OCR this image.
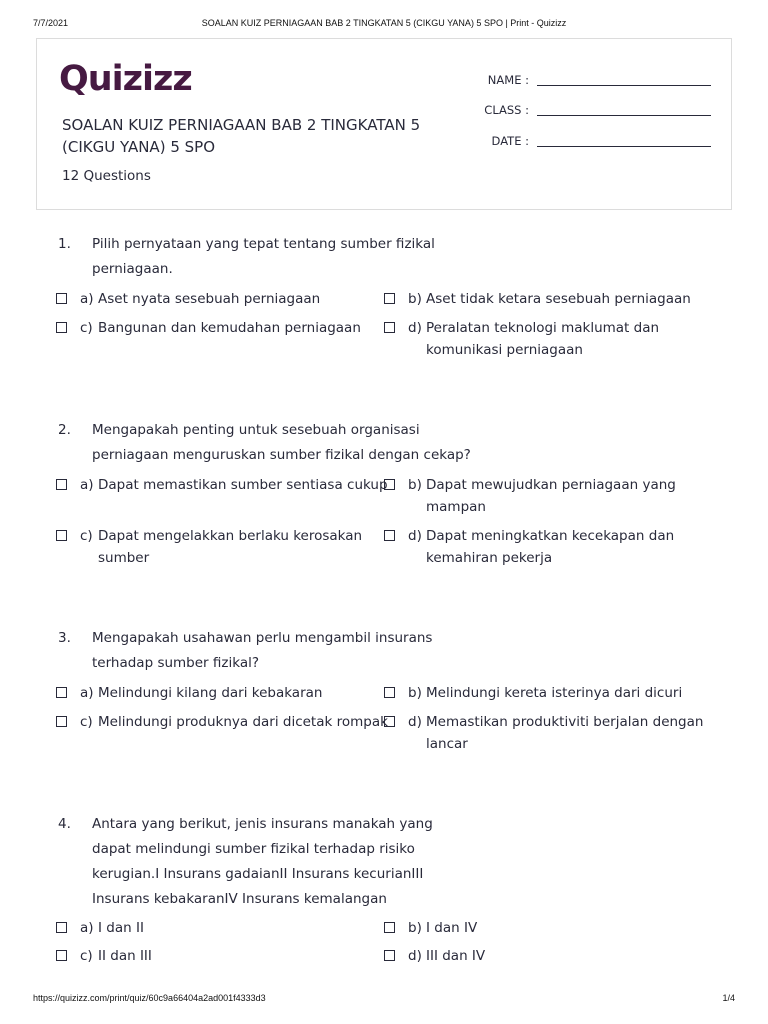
7/7/2021	SOALAN KUIZ PERNIAGAAN BAB 2 TINGKATAN 5 (CIKGU YANA) 5 SPO | Print - Quizizz
Quizizz
SOALAN KUIZ PERNIAGAAN BAB 2 TINGKATAN 5 (CIKGU YANA) 5 SPO
12 Questions
NAME :
CLASS :
DATE :
1. Pilih pernyataan yang tepat tentang sumber fizikal perniagaan.
a) Aset nyata sesebuah perniagaan	b) Aset tidak ketara sesebuah perniagaan
c) Bangunan dan kemudahan perniagaan	d) Peralatan teknologi maklumat dan komunikasi perniagaan
2. Mengapakah penting untuk sesebuah organisasi perniagaan menguruskan sumber fizikal dengan cekap?
a) Dapat memastikan sumber sentiasa cukup b) Dapat mewujudkan perniagaan yang mampan
c) Dapat mengelakkan berlaku kerosakan sumber
d) Dapat meningkatkan kecekapan dan kemahiran pekerja
3. Mengapakah usahawan perlu mengambil insurans terhadap sumber fizikal?
a) Melindungi kilang dari kebakaran	b) Melindungi kereta isterinya dari dicuri
c) Melindungi produknya dari dicetak rompak d) Memastikan produktiviti berjalan dengan lancar
4. Antara yang berikut, jenis insurans manakah yang dapat melindungi sumber fizikal terhadap risiko kerugian.I Insurans gadaianII Insurans kecurianIII Insurans kebakaranIV Insurans kemalangan
a) I dan II	b) I dan IV
c) II dan III	d) III dan IV
https://quizizz.com/print/quiz/60c9a66404a2ad001f4333d3	1/4
